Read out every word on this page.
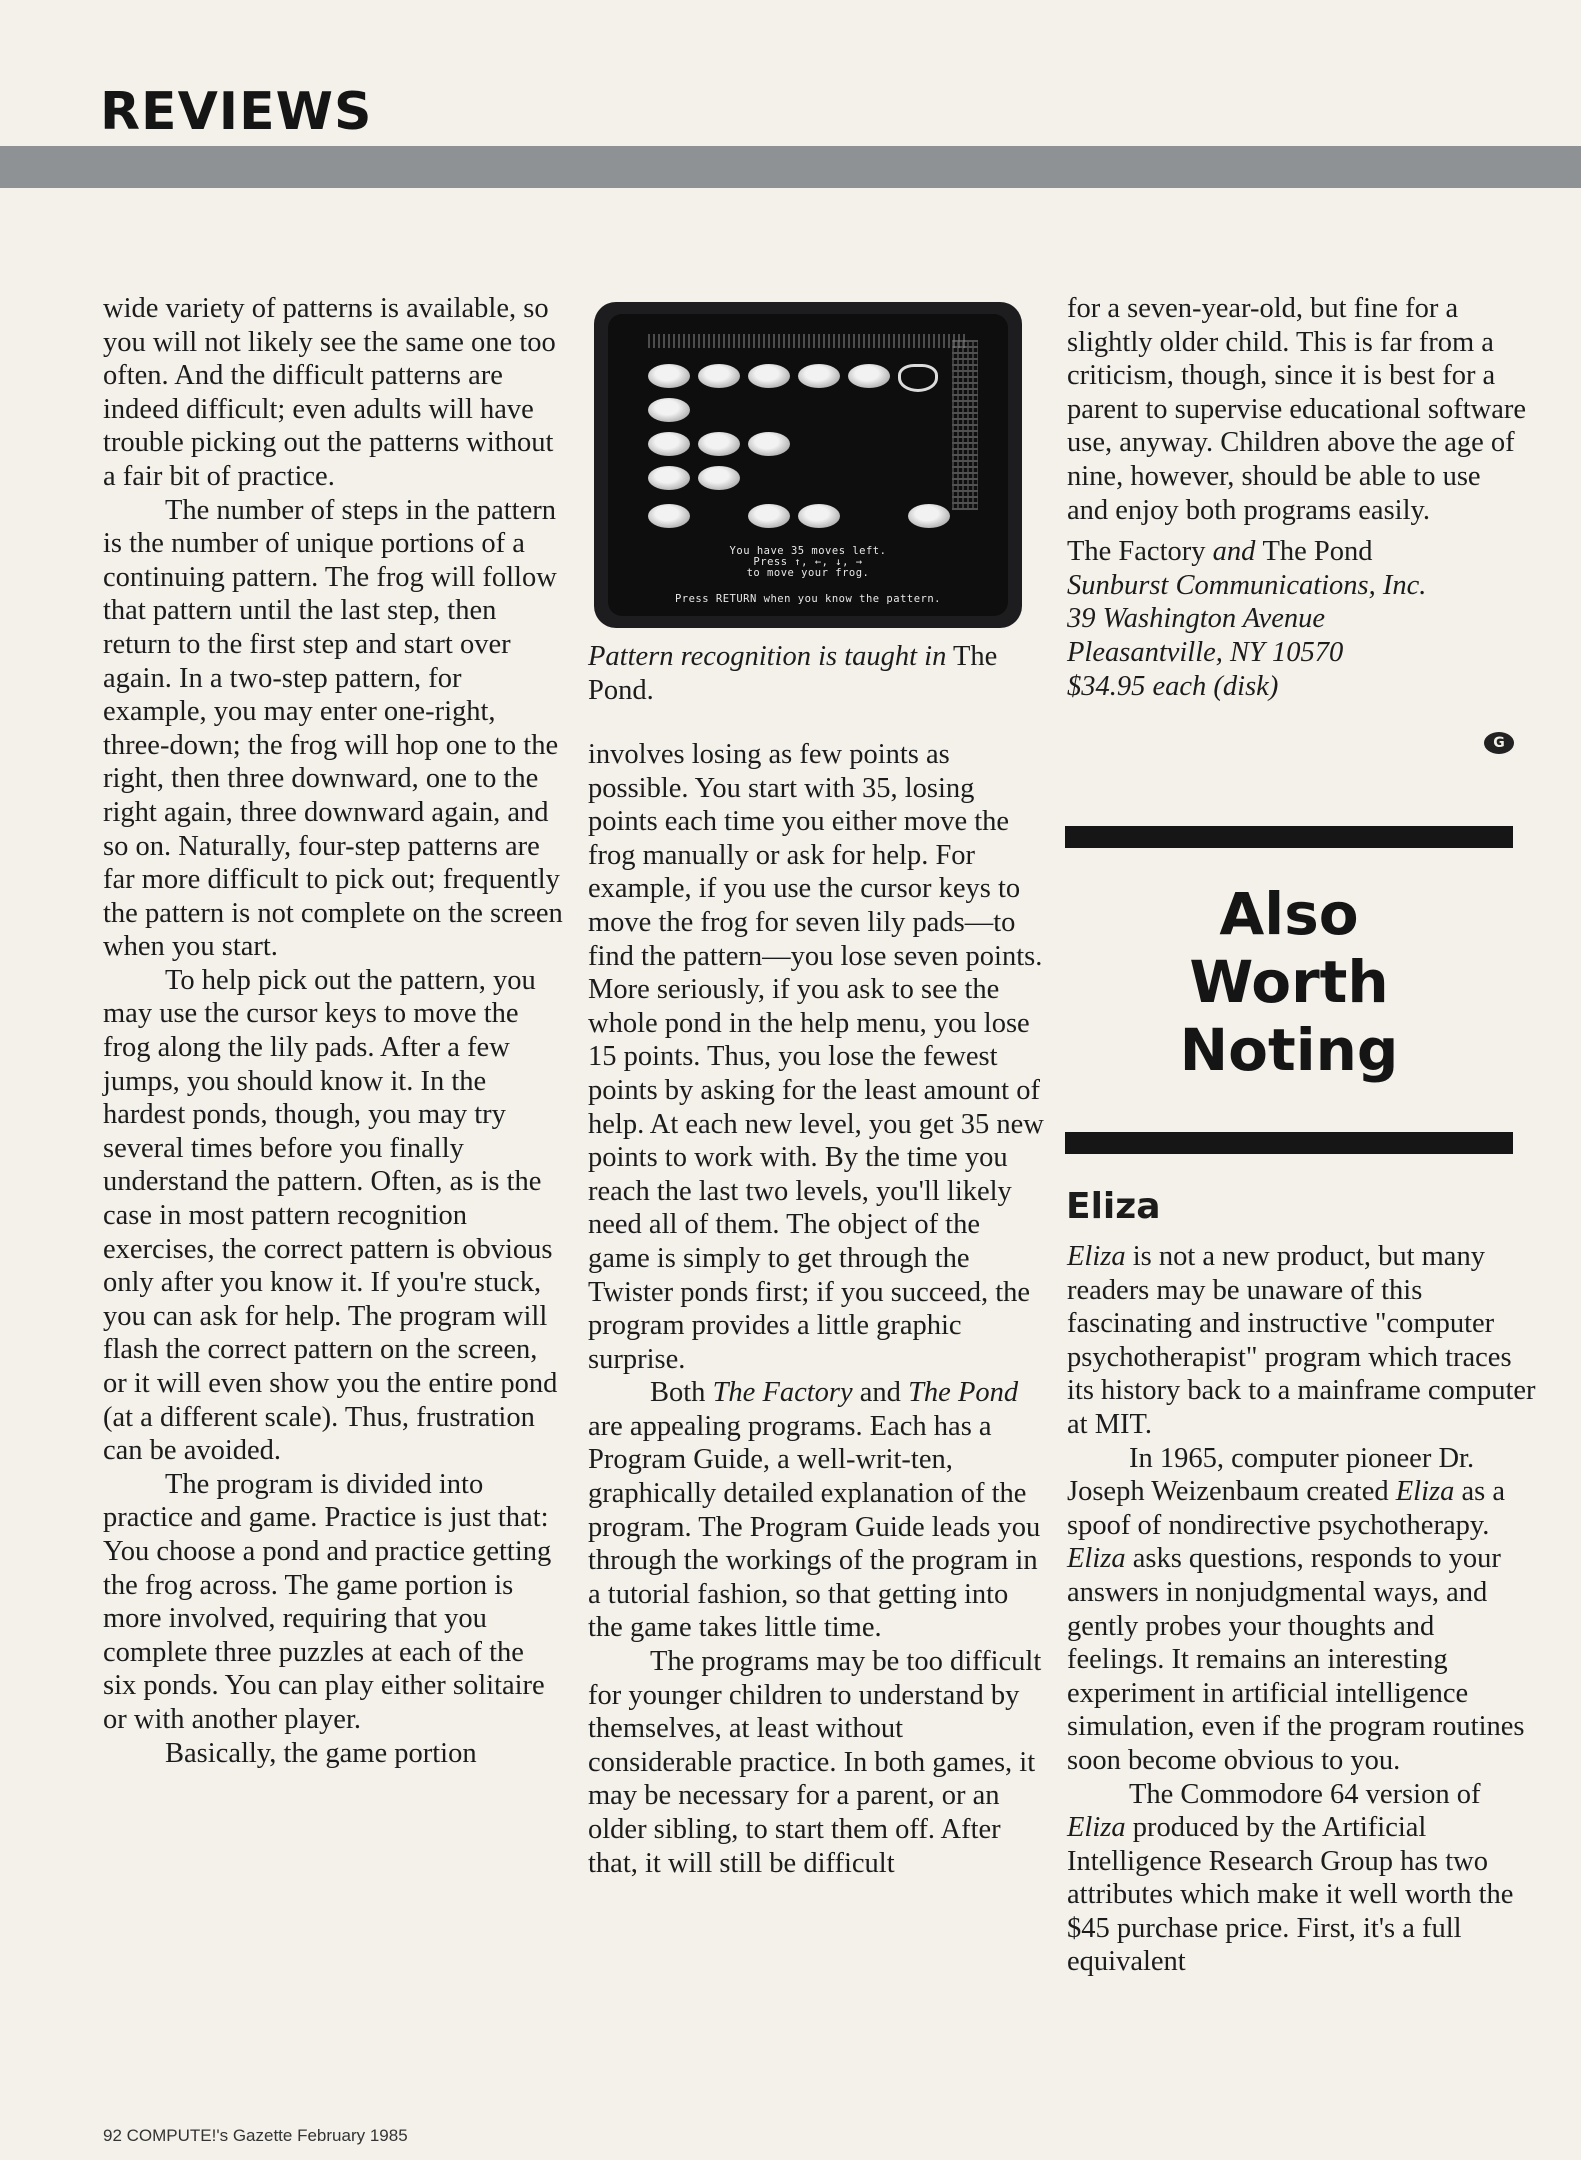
REVIEWS

wide variety of patterns is available, so you will not likely see the same one too often. And the difficult patterns are indeed difficult; even adults will have trouble picking out the patterns without a fair bit of practice.

The number of steps in the pattern is the number of unique portions of a continuing pattern. The frog will follow that pattern until the last step, then return to the first step and start over again. In a two-step pattern, for example, you may enter one-right, three-down; the frog will hop one to the right, then three downward, one to the right again, three downward again, and so on. Naturally, four-step patterns are far more difficult to pick out; frequently the pattern is not complete on the screen when you start.

To help pick out the pattern, you may use the cursor keys to move the frog along the lily pads. After a few jumps, you should know it. In the hardest ponds, though, you may try several times before you finally understand the pattern. Often, as is the case in most pattern recognition exercises, the correct pattern is obvious only after you know it. If you're stuck, you can ask for help. The program will flash the correct pattern on the screen, or it will even show you the entire pond (at a different scale). Thus, frustration can be avoided.

The program is divided into practice and game. Practice is just that: You choose a pond and practice getting the frog across. The game portion is more involved, requiring that you complete three puzzles at each of the six ponds. You can play either solitaire or with another player.

Basically, the game portion

You have 35 moves left.
Press ↑, ←, ↓, →
to move your frog.
Press RETURN when you know the pattern.
Pattern recognition is taught in The Pond.

involves losing as few points as possible. You start with 35, losing points each time you either move the frog manually or ask for help. For example, if you use the cursor keys to move the frog for seven lily pads—to find the pattern—you lose seven points. More seriously, if you ask to see the whole pond in the help menu, you lose 15 points. Thus, you lose the fewest points by asking for the least amount of help. At each new level, you get 35 new points to work with. By the time you reach the last two levels, you'll likely need all of them. The object of the game is simply to get through the Twister ponds first; if you succeed, the program provides a little graphic surprise.

Both The Factory and The Pond are appealing programs. Each has a Program Guide, a well-writ-ten, graphically detailed explanation of the program. The Program Guide leads you through the workings of the program in a tutorial fashion, so that getting into the game takes little time.

The programs may be too difficult for younger children to understand by themselves, at least without considerable practice. In both games, it may be necessary for a parent, or an older sibling, to start them off. After that, it will still be difficult

for a seven-year-old, but fine for a slightly older child. This is far from a criticism, though, since it is best for a parent to supervise educational software use, anyway. Children above the age of nine, however, should be able to use and enjoy both programs easily.

The Factory and The Pond
Sunburst Communications, Inc.
39 Washington Avenue
Pleasantville, NY 10570
$34.95 each (disk)

G
Also
Worth
Noting
Eliza

Eliza is not a new product, but many readers may be unaware of this fascinating and instructive "computer psychotherapist" program which traces its history back to a mainframe computer at MIT.

In 1965, computer pioneer Dr. Joseph Weizenbaum created Eliza as a spoof of nondirective psychotherapy. Eliza asks questions, responds to your answers in nonjudgmental ways, and gently probes your thoughts and feelings. It remains an interesting experiment in artificial intelligence simulation, even if the program routines soon become obvious to you.

The Commodore 64 version of Eliza produced by the Artificial Intelligence Research Group has two attributes which make it well worth the $45 purchase price. First, it's a full equivalent

92 COMPUTE!'s Gazette February 1985
